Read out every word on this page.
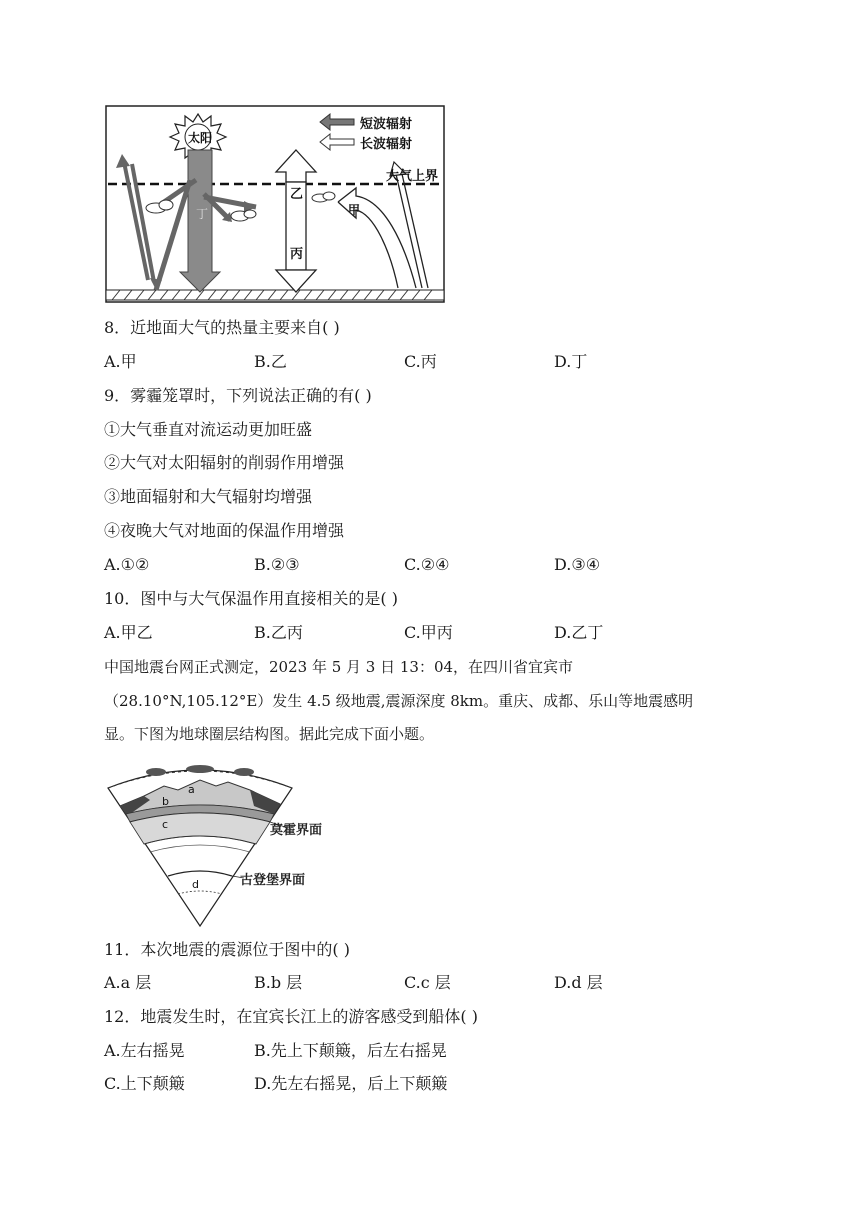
短波辐射
长波辐射
大气上界
太阳
甲
乙
丙
丁
8．近地面大气的热量主要来自( )
A.甲	B.乙	C.丙	D.丁
9．雾霾笼罩时，下列说法正确的有( )
①大气垂直对流运动更加旺盛
②大气对太阳辐射的削弱作用增强
③地面辐射和大气辐射均增强
④夜晚大气对地面的保温作用增强
A.①②	B.②③	C.②④	D.③④
10．图中与大气保温作用直接相关的是( )
A.甲乙	B.乙丙	C.甲丙	D.乙丁
中国地震台网正式测定，2023 年 5 月 3 日 13：04，在四川省宜宾市
（28.10°N,105.12°E）发生 4.5 级地震,震源深度 8km。重庆、成都、乐山等地震感明
显。下图为地球圈层结构图。据此完成下面小题。
a
b
c
d
莫霍界面
古登堡界面
11．本次地震的震源位于图中的( )
A.a 层	B.b 层	C.c 层	D.d 层
12．地震发生时，在宜宾长江上的游客感受到船体( )
A.左右摇晃	B.先上下颠簸，后左右摇晃
C.上下颠簸	D.先左右摇晃，后上下颠簸
